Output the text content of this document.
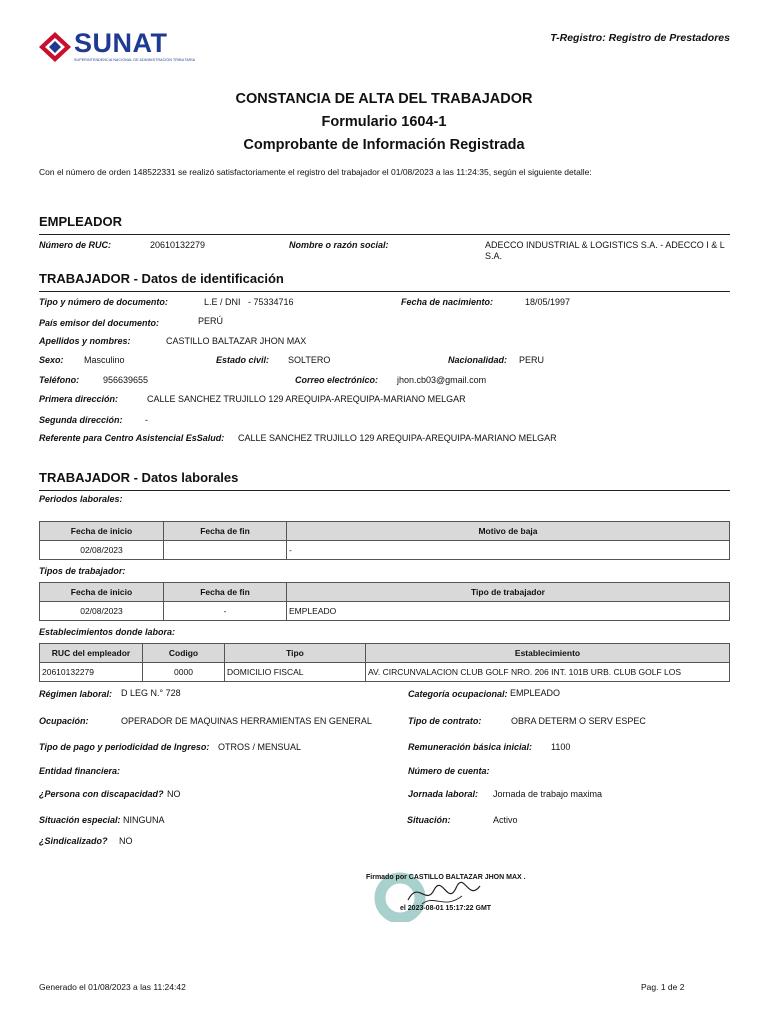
SUNAT
SUPERINTENDENCIA NACIONAL DE ADMINISTRACIÓN TRIBUTARIA
T-Registro: Registro de Prestadores
CONSTANCIA DE ALTA DEL TRABAJADOR
Formulario 1604-1
Comprobante de Información Registrada
Con el número de orden 148522331 se realizó satisfactoriamente el registro del trabajador el 01/08/2023 a las 11:24:35, según el siguiente detalle:
EMPLEADOR
Número de RUC:	20610132279	Nombre o razón social:	ADECCO INDUSTRIAL & LOGISTICS S.A. - ADECCO I & L S.A.
TRABAJADOR - Datos de identificación
Tipo y número de documento:	L.E / DNI   - 75334716	Fecha de nacimiento:	18/05/1997
País emisor del documento:	PERÚ
Apellidos y nombres:	CASTILLO BALTAZAR JHON MAX
Sexo: Masculino	Estado civil: SOLTERO	Nacionalidad: PERU
Teléfono:	956639655	Correo electrónico: jhon.cb03@gmail.com
Primera dirección:	CALLE SANCHEZ TRUJILLO 129 AREQUIPA-AREQUIPA-MARIANO MELGAR
Segunda dirección: -
Referente para Centro Asistencial EsSalud: CALLE SANCHEZ TRUJILLO 129 AREQUIPA-AREQUIPA-MARIANO MELGAR
TRABAJADOR - Datos laborales
Periodos laborales:
Fecha de inicio	Fecha de fin	Motivo de baja
02/08/2023		-
Tipos de trabajador:
Fecha de inicio	Fecha de fin	Tipo de trabajador
02/08/2023	-	EMPLEADO
Establecimientos donde labora:
RUC del empleador	Codigo	Tipo	Establecimiento
20610132279	0000	DOMICILIO FISCAL	AV. CIRCUNVALACION CLUB GOLF NRO. 206 INT. 101B URB. CLUB GOLF LOS
Régimen laboral: D LEG N.° 728	Categoría ocupacional: EMPLEADO
Ocupación:	OPERADOR DE MAQUINAS HERRAMIENTAS EN GENERAL	Tipo de contrato:	OBRA DETERM O SERV ESPEC
Tipo de pago y periodicidad de Ingreso: OTROS / MENSUAL	Remuneración básica inicial: 1100
Entidad financiera:	Número de cuenta:
¿Persona con discapacidad? NO	Jornada laboral: Jornada de trabajo maxima
Situación especial: NINGUNA	Situación:	Activo
¿Sindicalizado? NO
Firmado por CASTILLO BALTAZAR JHON MAX .
el 2023-08-01 15:17:22 GMT
Generado el 01/08/2023 a las 11:24:42	Pag. 1 de 2
